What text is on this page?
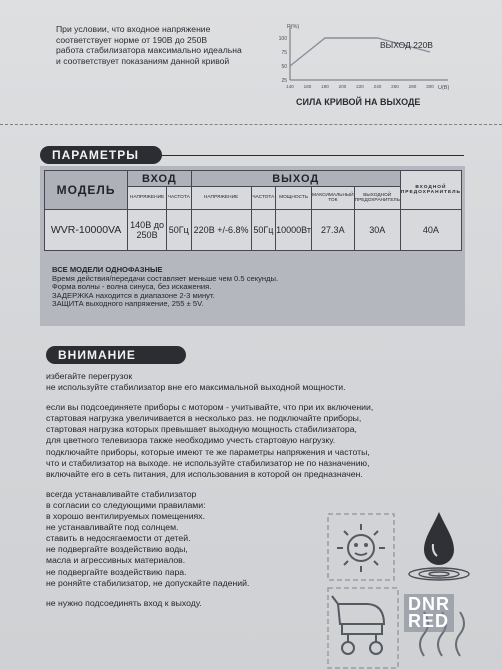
При условии, что входное напряжение
соответствует норме от 190В до 250В
работа стабилизатора максимально идеальна
и соответствует показаниям данной кривой
P(%)
U(В)
100
75
50
25
140 160 180 200 220 240 260 280 300
ВЫХОД 220В
СИЛА КРИВОЙ НА ВЫХОДЕ
ПАРАМЕТРЫ
МОДЕЛЬ	ВХОД		ВЫХОД					ВХОДНОЙ ПРЕДОХРАНИТЕЛЬ
	НАПРЯЖЕНИЕ	ЧАСТОТА	НАПРЯЖЕНИЕ	ЧАСТОТА	МОЩНОСТЬ	МАКСИМАЛЬНЫЙ ТОК	ВЫХОДНОЙ ПРЕДОХРАНИТЕЛЬ	
WVR-10000VA	140В до 250В	50Гц	220В +/-6.8%	50Гц	10000Вт	27.3А	30А	40А
ВСЕ МОДЕЛИ ОДНОФАЗНЫЕ
Время действия/передачи составляет меньше чем 0.5 секунды.
Форма волны - волна синуса, без искажения.
ЗАДЕРЖКА находится в диапазоне 2-3 минут.
ЗАЩИТА выходного напряжение, 255 ± 5V.
ВНИМАНИЕ
избегайте перегрузок
не используйте стабилизатор вне его максимальной выходной мощности.
если вы подсоединяете приборы с мотором - учитывайте, что при их включении,
стартовая нагрузка увеличивается в несколько раз. не подключайте приборы,
стартовая нагрузка которых превышает выходную мощность стабилизатора,
для цветного телевизора также необходимо учесть стартовую нагрузку.
подключайте приборы, которые имеют те же параметры напряжения и частоты,
что и стабилизатор на выходе. не используйте стабилизатор не по назначению,
включайте его в сеть питания, для использования в которой он предназначен.
всегда устанавливайте стабилизатор
в согласии со следующими правилами:
в хорошо вентилируемых помещениях.
не устанавливайте под солнцем.
ставить в недосягаемости от детей.
не подвергайте воздействию воды,
масла и агрессивных материалов.
не подвергайте воздействию пара.
не роняйте стабилизатор, не допускайте падений.
не нужно подсоединять вход к выходу.	DNR
RED
